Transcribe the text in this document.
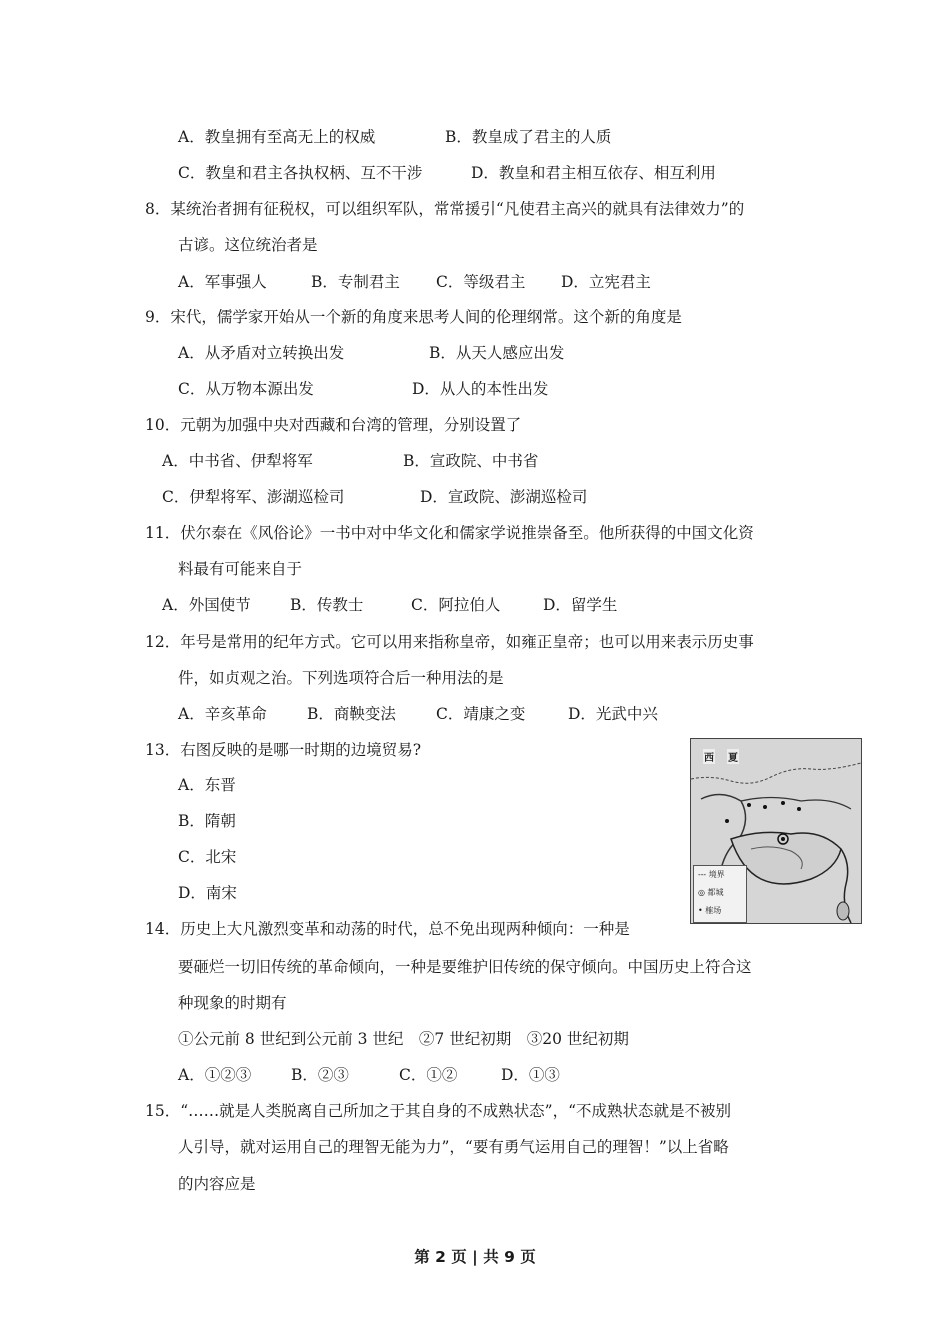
A．教皇拥有至高无上的权威	B．教皇成了君主的人质
C．教皇和君主各执权柄、互不干涉	D．教皇和君主相互依存、相互利用
8．某统治者拥有征税权，可以组织军队，常常援引“凡使君主高兴的就具有法律效力”的
古谚。这位统治者是
A．军事强人	B．专制君主 C．等级君主 D．立宪君主
9．宋代，儒学家开始从一个新的角度来思考人间的伦理纲常。这个新的角度是
A．从矛盾对立转换出发	B．从天人感应出发
C．从万物本源出发	D．从人的本性出发
10．元朝为加强中央对西藏和台湾的管理，分别设置了
A．中书省、伊犁将军	B．宣政院、中书省
C．伊犁将军、澎湖巡检司	D．宣政院、澎湖巡检司
11．伏尔泰在《风俗论》一书中对中华文化和儒家学说推崇备至。他所获得的中国文化资
料最有可能来自于
A．外国使节	B．传教士	C．阿拉伯人	D．留学生
12．年号是常用的纪年方式。它可以用来指称皇帝，如雍正皇帝；也可以用来表示历史事
件，如贞观之治。下列选项符合后一种用法的是
A．辛亥革命	B．商鞅变法	C．靖康之变	D．光武中兴
13．右图反映的是哪一时期的边境贸易?
A．东晋
B．隋朝
C．北宋
D．南宋
西 夏
--- 境界
◎ 都城
• 榷场
14．历史上大凡激烈变革和动荡的时代，总不免出现两种倾向：一种是
要砸烂一切旧传统的革命倾向，一种是要维护旧传统的保守倾向。中国历史上符合这
种现象的时期有
①公元前 8 世纪到公元前 3 世纪　②7 世纪初期　③20 世纪初期
A．①②③	B．②③	C．①②	D．①③
15．“……就是人类脱离自己所加之于其自身的不成熟状态”，“不成熟状态就是不被别
人引导，就对运用自己的理智无能为力”，“要有勇气运用自己的理智！”以上省略
的内容应是
第 2 页 | 共 9 页
